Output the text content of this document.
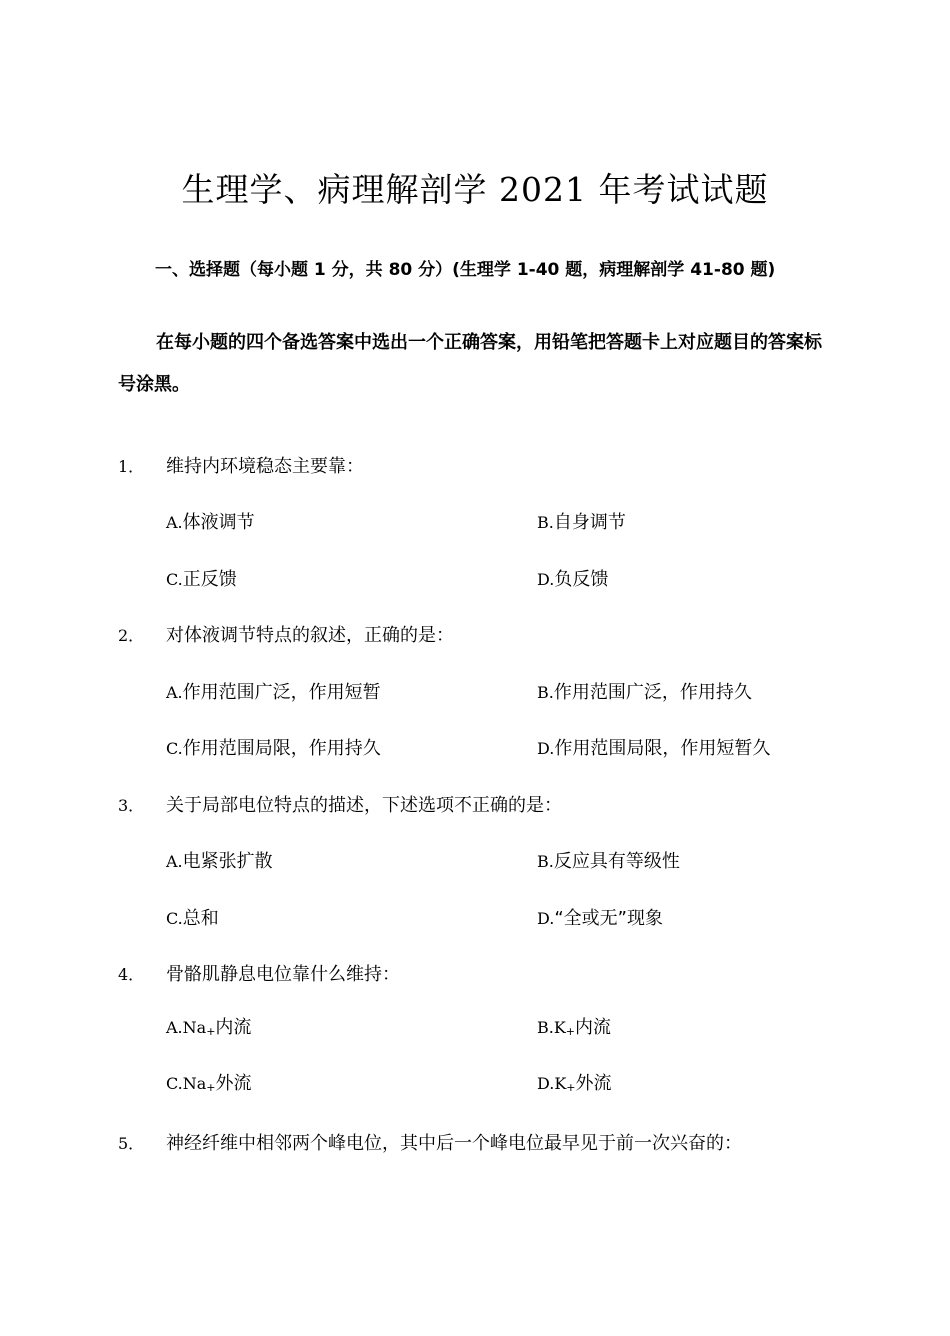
生理学、病理解剖学 2021 年考试试题
一、选择题（每小题 1 分，共 80 分）(生理学 1-40 题，病理解剖学 41-80 题)
在每小题的四个备选答案中选出一个正确答案，用铅笔把答题卡上对应题目的答案标号涂黑。
1． 维持内环境稳态主要靠：
A.体液调节	B.自身调节
C.正反馈	D.负反馈
2． 对体液调节特点的叙述，正确的是：
A.作用范围广泛，作用短暂	B.作用范围广泛，作用持久
C.作用范围局限，作用持久	D.作用范围局限，作用短暂久
3． 关于局部电位特点的描述，下述选项不正确的是：
A.电紧张扩散	B.反应具有等级性
C.总和	D.“全或无”现象
4． 骨骼肌静息电位靠什么维持：
$A.Na_+$内流	$B.K_+$内流
$C.Na_+$外流	$D.K_+$外流
5． 神经纤维中相邻两个峰电位，其中后一个峰电位最早见于前一次兴奋的：
